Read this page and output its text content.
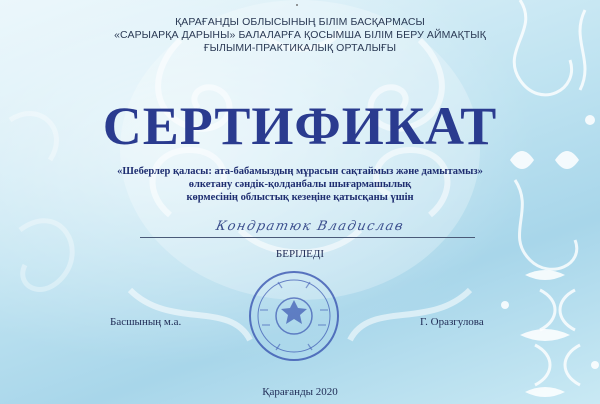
ҚАРАҒАНДЫ ОБЛЫСЫНЫҢ БІЛІМ БАСҚАРМАСЫ
«САРЫАРҚА ДАРЫНЫ» БАЛАЛАРҒА ҚОСЫМША БІЛІМ БЕРУ АЙМАҚТЫҚ
ҒЫЛЫМИ-ПРАКТИКАЛЫҚ ОРТАЛЫҒЫ
СЕРТИФИКАТ
«Шеберлер қаласы: ата-бабамыздың мұрасын сақтаймыз және дамытамыз»
өлкетану сәндік-қолданбалы шығармашылық
көрмесінің облыстық кезеңіне қатысқаны үшін
Кондратюк Владислав
БЕРІЛЕДІ
Басшының м.а.	Г. Оразгулова
Қарағанды 2020
